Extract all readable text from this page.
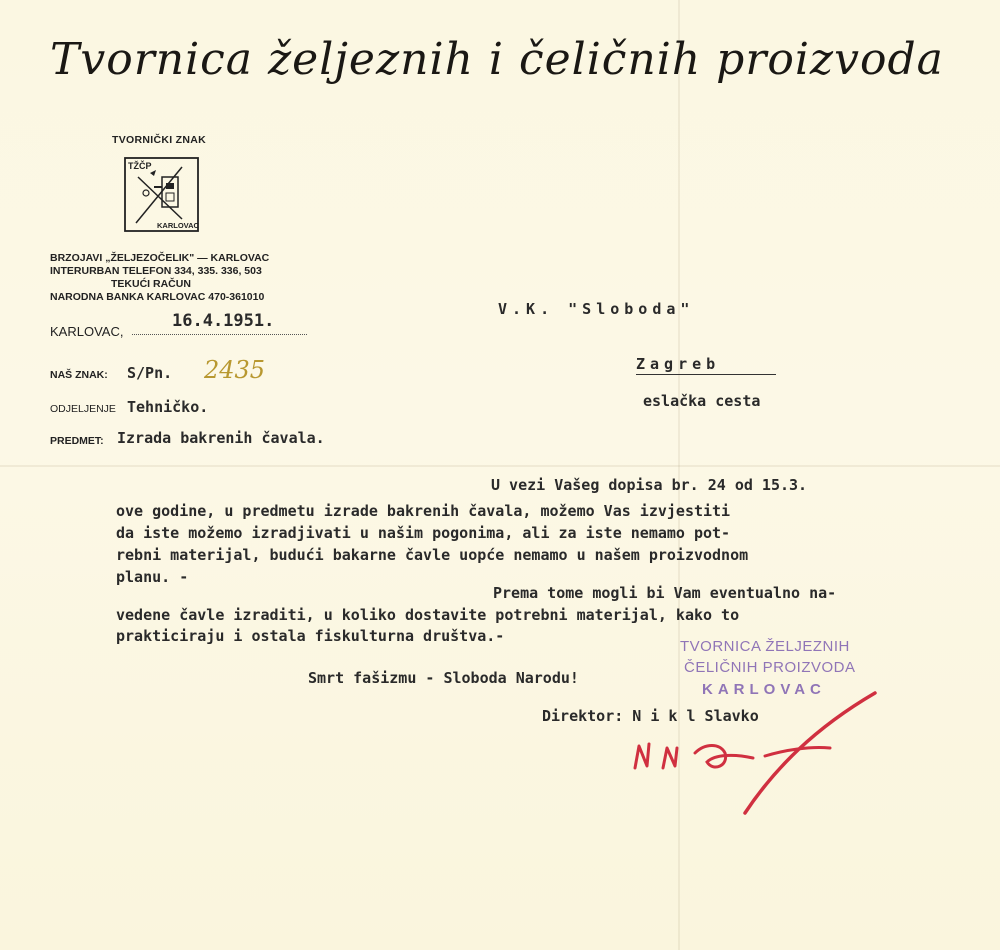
Tvornica željeznih i čeličnih proizvoda
TVORNIČKI ZNAK
TŽČP
KARLOVAC
BRZOJAVI „ŽELJEZOČELIK" — KARLOVAC
INTERURBAN TELEFON 334, 335. 336, 503
TEKUĆI RAČUN
NARODNA BANKA KARLOVAC 470-361010
KARLOVAC,
16.4.1951.
NAŠ ZNAK: S/Pn. 2435
ODJELJENJE Tehničko.
PREDMET: Izrada bakrenih čavala.
V.K. "Sloboda"
Zagreb
eslačka cesta
U vezi Vašeg dopisa br. 24 od 15.3.
ove godine, u predmetu izrade bakrenih čavala, možemo Vas izvjestiti
da iste možemo izradjivati u našim pogonima, ali za iste nemamo pot-
rebni materijal, budući bakarne čavle uopće nemamo u našem proizvodnom
planu. -
Prema tome mogli bi Vam eventualno na-
vedene čavle izraditi, u koliko dostavite potrebni materijal, kako to
prakticiraju i ostala fiskulturna društva.-
Smrt fašizmu - Sloboda Narodu!
Direktor: N i k l Slavko
TVORNICA ŽELJEZNIH
ČELIČNIH PROIZVODA
KARLOVAC
